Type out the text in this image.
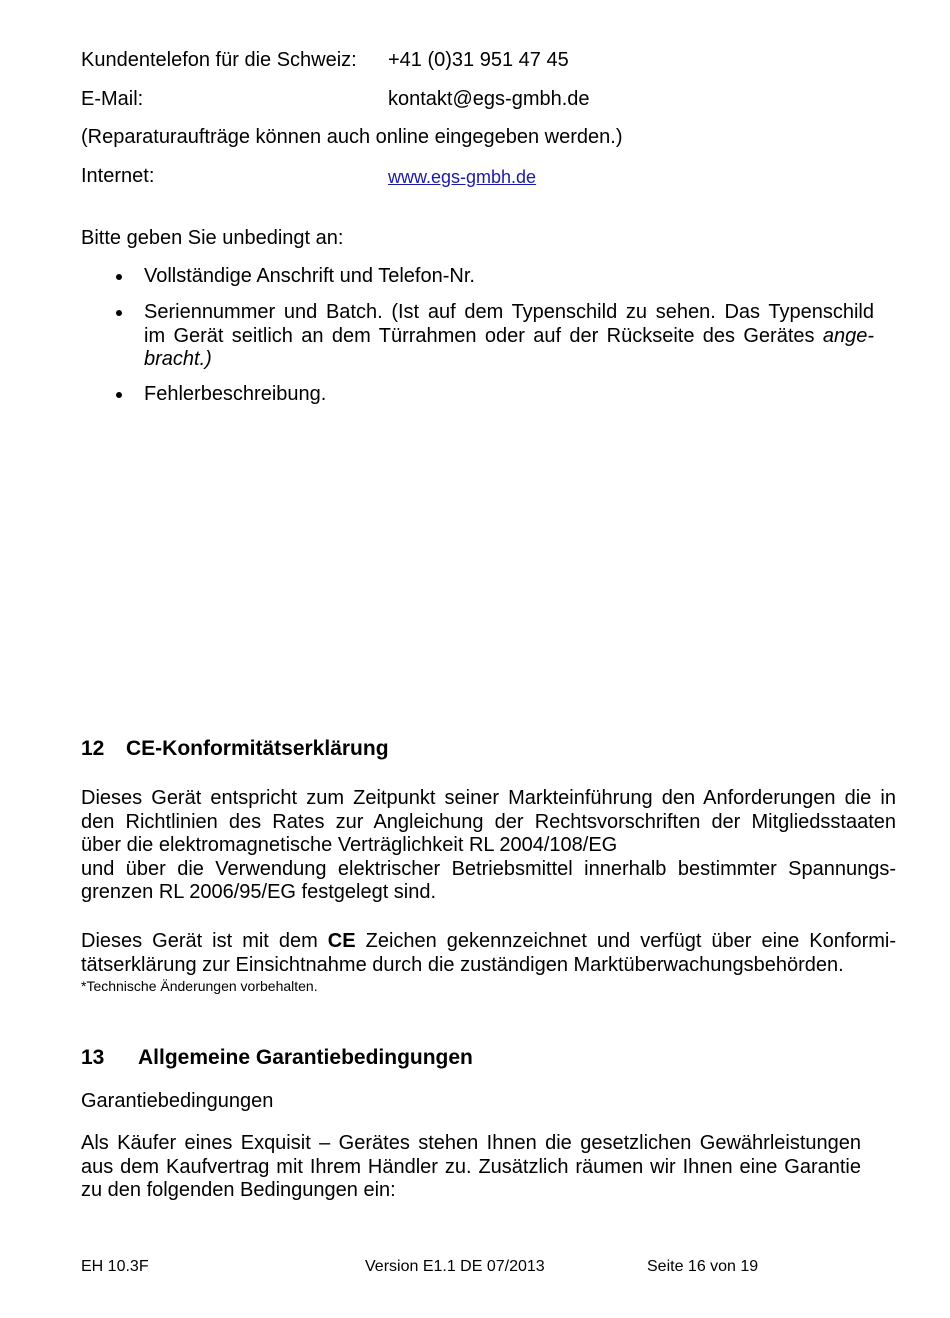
Kundentelefon für die Schweiz: +41 (0)31 951 47 45
E-Mail:	kontakt@egs-gmbh.de
(Reparaturaufträge können auch online eingegeben werden.)
Internet:	www.egs-gmbh.de
Bitte geben Sie unbedingt an:
Vollständige Anschrift und Telefon-Nr.
Seriennummer und Batch. (Ist auf dem Typenschild zu sehen. Das Typenschild
im Gerät seitlich an dem Türrahmen oder auf der Rückseite des Gerätes ange-
bracht.)
Fehlerbeschreibung.
12 CE-Konformitätserklärung
Dieses Gerät entspricht zum Zeitpunkt seiner Markteinführung den Anforderungen die in
den Richtlinien des Rates zur Angleichung der Rechtsvorschriften der Mitgliedsstaaten
über die elektromagnetische Verträglichkeit RL 2004/108/EG
und über die Verwendung elektrischer Betriebsmittel innerhalb bestimmter Spannungs-
grenzen RL 2006/95/EG festgelegt sind.
Dieses Gerät ist mit dem CE Zeichen gekennzeichnet und verfügt über eine Konformi-
tätserklärung zur Einsichtnahme durch die zuständigen Marktüberwachungsbehörden.
*Technische Änderungen vorbehalten.
13 Allgemeine Garantiebedingungen
Garantiebedingungen
Als Käufer eines Exquisit – Gerätes stehen Ihnen die gesetzlichen Gewährleistungen
aus dem Kaufvertrag mit Ihrem Händler zu. Zusätzlich räumen wir Ihnen eine Garantie
zu den folgenden Bedingungen ein:
EH 10.3F	Version E1.1 DE 07/2013	Seite 16 von 19
